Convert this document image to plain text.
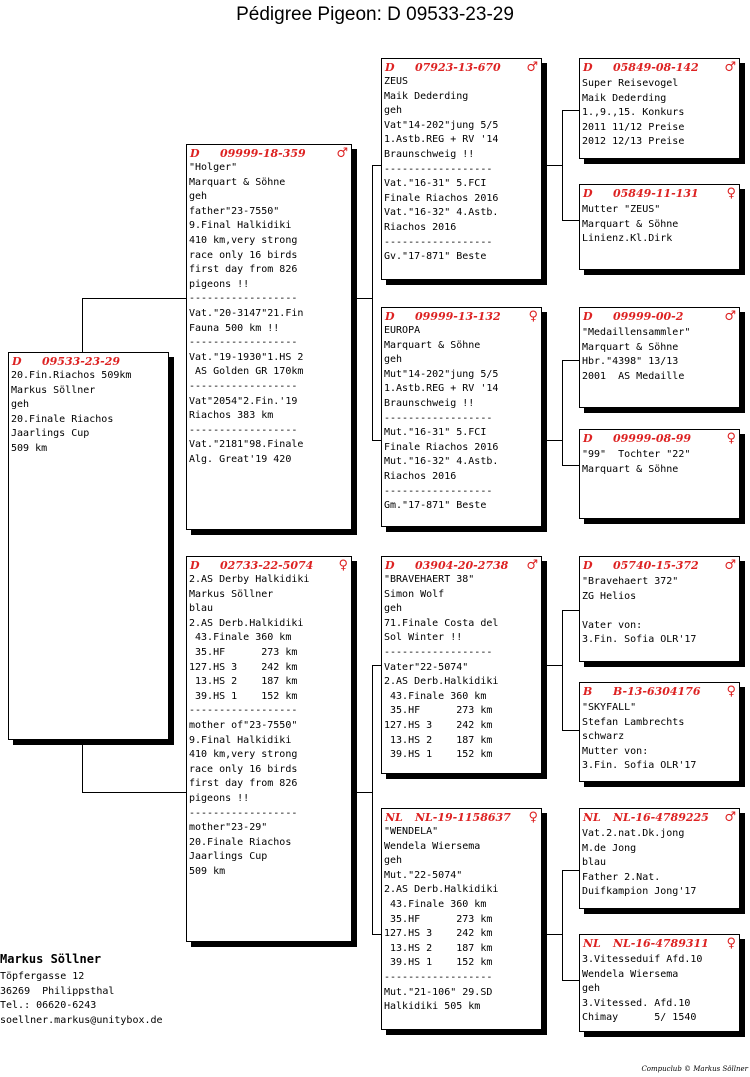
Pédigree Pigeon: D 09533-23-29
D	09533-23-29
20.Fin.Riachos 509km
Markus Söllner
geh
20.Finale Riachos
Jaarlings Cup
509 km
D	09999-18-359	♂
"Holger"
Marquart & Söhne
geh
father"23-7550"
9.Final Halkidiki
410 km,very strong
race only 16 birds
first day from 826
pigeons !!
------------------
Vat."20-3147"21.Fin
Fauna 500 km !!
------------------
Vat."19-1930"1.HS 2
AS Golden GR 170km
------------------
Vat"2054"2.Fin.'19
Riachos 383 km
------------------
Vat."2181"98.Finale
Alg. Great'19 420
D	02733-22-5074	♀
2.AS Derby Halkidiki
Markus Söllner
blau
2.AS Derb.Halkidiki
43.Finale 360 km
35.HF      273 km
127.HS 3    242 km
13.HS 2    187 km
39.HS 1    152 km
------------------
mother of"23-7550"
9.Final Halkidiki
410 km,very strong
race only 16 birds
first day from 826
pigeons !!
------------------
mother"23-29"
20.Finale Riachos
Jaarlings Cup
509 km
D	07923-13-670	♂
ZEUS
Maik Dederding
geh
Vat"14-202"jung 5/5
1.Astb.REG + RV '14
Braunschweig !!
------------------
Vat."16-31" 5.FCI
Finale Riachos 2016
Vat."16-32" 4.Astb.
Riachos 2016
------------------
Gv."17-871" Beste
D	09999-13-132	♀
EUROPA
Marquart & Söhne
geh
Mut"14-202"jung 5/5
1.Astb.REG + RV '14
Braunschweig !!
------------------
Mut."16-31" 5.FCI
Finale Riachos 2016
Mut."16-32" 4.Astb.
Riachos 2016
------------------
Gm."17-871" Beste
D	03904-20-2738	♂
"BRAVEHAERT 38"
Simon Wolf
geh
71.Finale Costa del
Sol Winter !!
------------------
Vater"22-5074"
2.AS Derb.Halkidiki
43.Finale 360 km
35.HF      273 km
127.HS 3    242 km
13.HS 2    187 km
39.HS 1    152 km
NL	NL-19-1158637	♀
"WENDELA"
Wendela Wiersema
geh
Mut."22-5074"
2.AS Derb.Halkidiki
43.Finale 360 km
35.HF      273 km
127.HS 3    242 km
13.HS 2    187 km
39.HS 1    152 km
------------------
Mut."21-106" 29.SD
Halkidiki 505 km
D	05849-08-142	♂
Super Reisevogel
Maik Dederding
1.,9.,15. Konkurs
2011 11/12 Preise
2012 12/13 Preise
D	05849-11-131	♀
Mutter "ZEUS"
Marquart & Söhne
Linienz.Kl.Dirk
D	09999-00-2	♂
"Medaillensammler"
Marquart & Söhne
Hbr."4398" 13/13
2001  AS Medaille
D	09999-08-99	♀
"99"  Tochter "22"
Marquart & Söhne
D	05740-15-372	♂
"Bravehaert 372"
ZG Helios
Vater von:
3.Fin. Sofia OLR'17
B	B-13-6304176	♀
"SKYFALL"
Stefan Lambrechts
schwarz
Mutter von:
3.Fin. Sofia OLR'17
NL	NL-16-4789225	♂
Vat.2.nat.Dk.jong
M.de Jong
blau
Father 2.Nat.
Duifkampion Jong'17
NL	NL-16-4789311	♀
3.Vitesseduif Afd.10
Wendela Wiersema
geh
3.Vitessed. Afd.10
Chimay      5/ 1540
Markus Söllner
Töpfergasse 12
36269  Philippsthal
Tel.: 06620-6243
soellner.markus@unitybox.de
Compuclub © Markus Söllner
